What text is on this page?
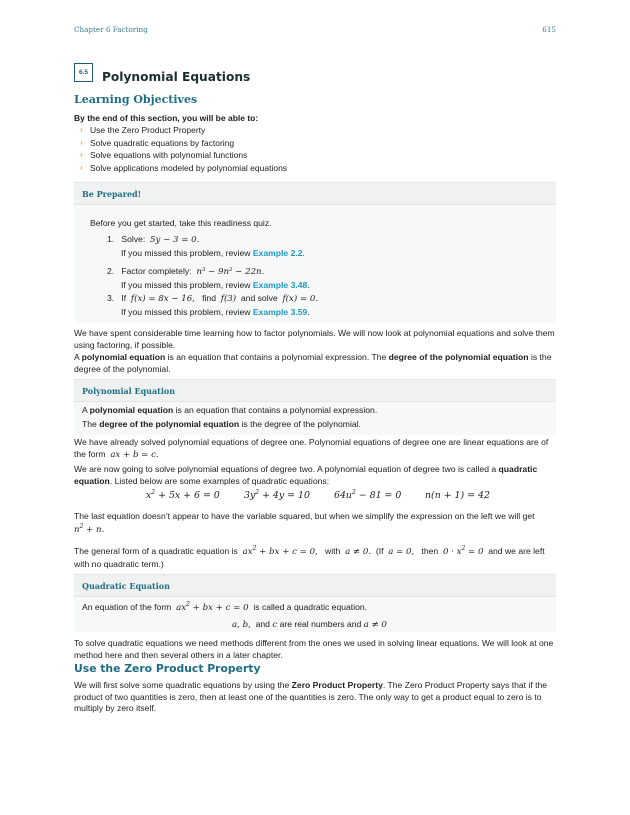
Chapter 6 Factoring	615
6.5	Polynomial Equations
Learning Objectives
By the end of this section, you will be able to:
› Use the Zero Product Property
› Solve quadratic equations by factoring
› Solve equations with polynomial functions
› Solve applications modeled by polynomial equations
Be Prepared!
Before you get started, take this readiness quiz.
1. Solve: 5y − 3 = 0.
If you missed this problem, review Example 2.2.
2. Factor completely: n³ − 9n² − 22n.
If you missed this problem, review Example 3.48.
3. If f(x) = 8x − 16, find f(3) and solve f(x) = 0.
If you missed this problem, review Example 3.59.
We have spent considerable time learning how to factor polynomials. We will now look at polynomial equations and solve them using factoring, if possible.
A polynomial equation is an equation that contains a polynomial expression. The degree of the polynomial equation is the degree of the polynomial.
Polynomial Equation
A polynomial equation is an equation that contains a polynomial expression.
The degree of the polynomial equation is the degree of the polynomial.
We have already solved polynomial equations of degree one. Polynomial equations of degree one are linear equations are of the form ax + b = c.
We are now going to solve polynomial equations of degree two. A polynomial equation of degree two is called a quadratic equation. Listed below are some examples of quadratic equations:
$x^2 + 5x + 6 = 0$	$3y^2 + 4y = 10$	$64u^2 - 81 = 0$	n(n + 1) = 42
The last equation doesn’t appear to have the variable squared, but when we simplify the expression on the left we will get
$n^2 + n$.
The general form of a quadratic equation is $ax^2$ + bx + c = 0, with a ≠ 0. (If a = 0, then $0 \cdot x^2 = 0$ and we are left with no quadratic term.)
Quadratic Equation
An equation of the form $ax^2$ + bx + c = 0 is called a quadratic equation.
a, b, and c are real numbers and a ≠ 0
To solve quadratic equations we need methods different from the ones we used in solving linear equations. We will look at one method here and then several others in a later chapter.
Use the Zero Product Property
We will first solve some quadratic equations by using the Zero Product Property. The Zero Product Property says that if the product of two quantities is zero, then at least one of the quantities is zero. The only way to get a product equal to zero is to multiply by zero itself.
